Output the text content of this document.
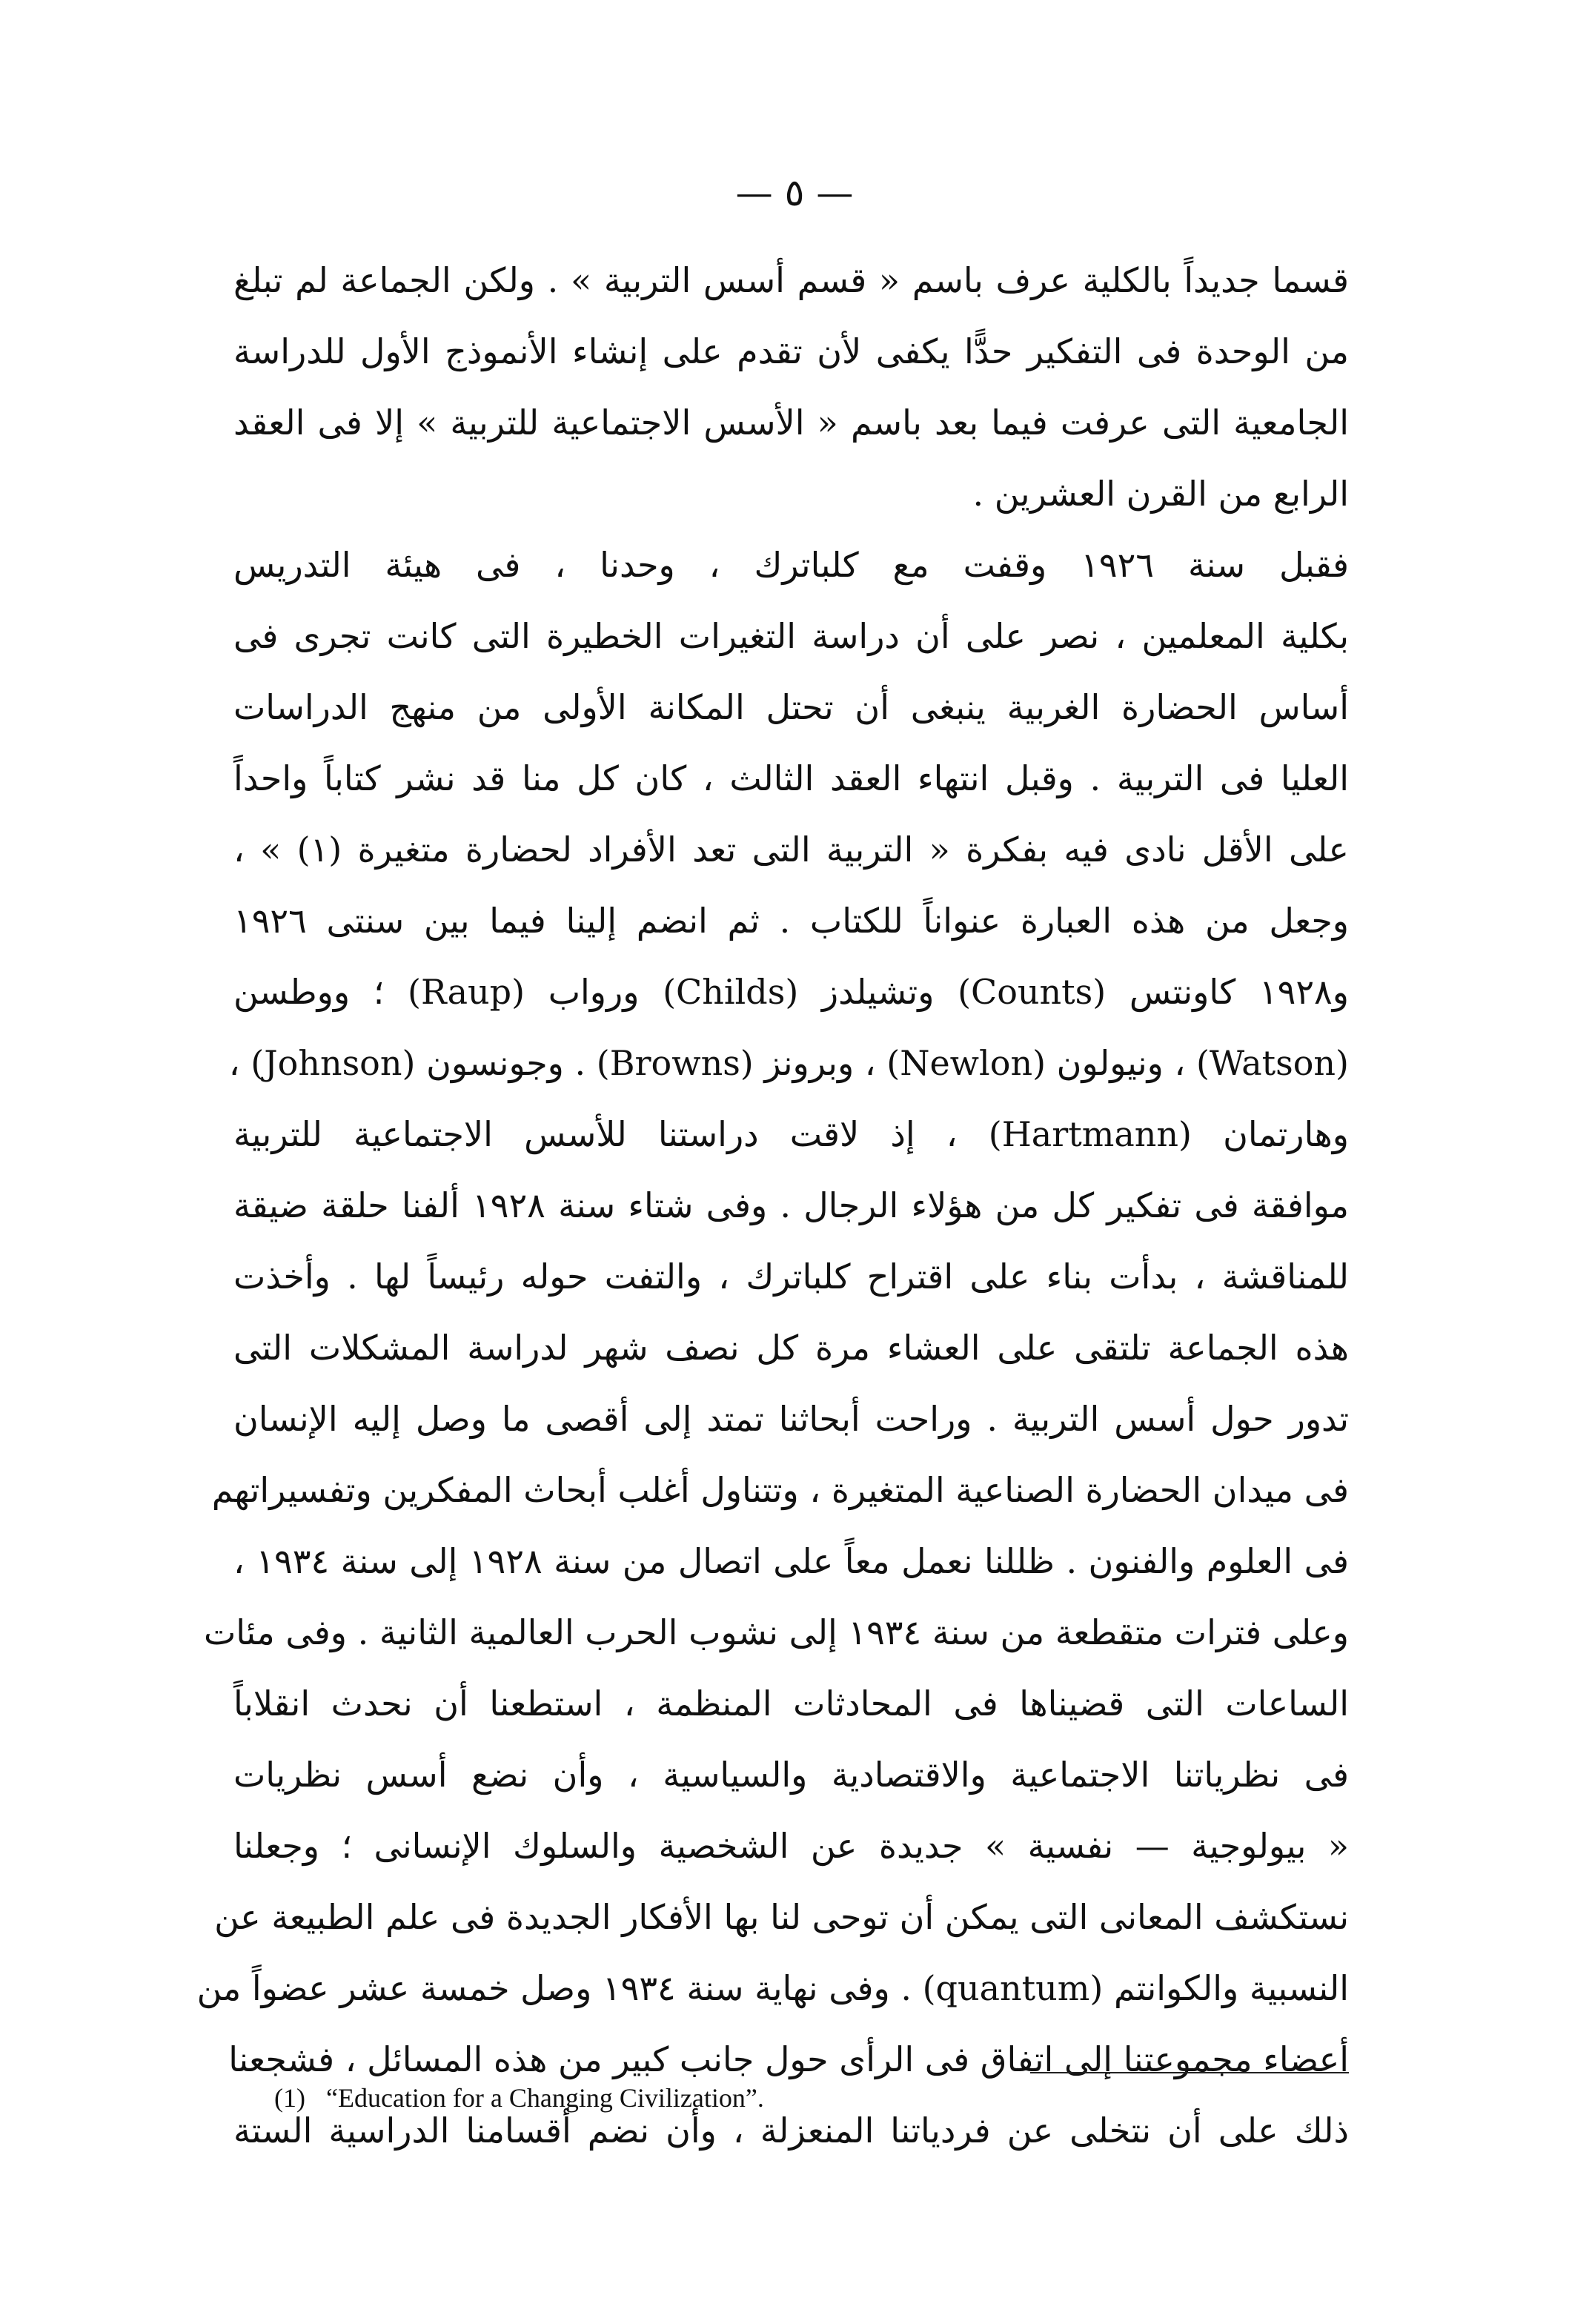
— ٥ —
قسما جديداً بالكلية عرف باسم « قسم أسس التربية » . ولكن الجماعة لم تبلغ
من الوحدة فى التفكير حدًّا يكفى لأن تقدم على إنشاء الأنموذج الأول للدراسة
الجامعية التى عرفت فيما بعد باسم « الأسس الاجتماعية للتربية » إلا فى العقد
الرابع من القرن العشرين .
فقبل سنة ١٩٢٦ وقفت مع كلباترك ، وحدنا ، فى هيئة التدريس
بكلية المعلمين ، نصر على أن دراسة التغيرات الخطيرة التى كانت تجرى فى
أساس الحضارة الغربية ينبغى أن تحتل المكانة الأولى من منهج الدراسات
العليا فى التربية . وقبل انتهاء العقد الثالث ، كان كل منا قد نشر كتاباً واحداً
على الأقل نادى فيه بفكرة « التربية التى تعد الأفراد لحضارة متغيرة (١) » ،
وجعل من هذه العبارة عنواناً للكتاب . ثم انضم إلينا فيما بين سنتى ١٩٢٦
و١٩٢٨ كاونتس (Counts) وتشيلدز (Childs) ورواب (Raup) ؛ ووطسن
(Watson) ، ونيولون (Newlon) ، وبرونز (Browns) . وجونسون (Johnson) ،
وهارتمان (Hartmann) ، إذ لاقت دراستنا للأسس الاجتماعية للتربية
موافقة فى تفكير كل من هؤلاء الرجال . وفى شتاء سنة ١٩٢٨ ألفنا حلقة ضيقة
للمناقشة ، بدأت بناء على اقتراح كلباترك ، والتفت حوله رئيساً لها . وأخذت
هذه الجماعة تلتقى على العشاء مرة كل نصف شهر لدراسة المشكلات التى
تدور حول أسس التربية . وراحت أبحاثنا تمتد إلى أقصى ما وصل إليه الإنسان
فى ميدان الحضارة الصناعية المتغيرة ، وتتناول أغلب أبحاث المفكرين وتفسيراتهم
فى العلوم والفنون . ظللنا نعمل معاً على اتصال من سنة ١٩٢٨ إلى سنة ١٩٣٤ ،
وعلى فترات متقطعة من سنة ١٩٣٤ إلى نشوب الحرب العالمية الثانية . وفى مئات
الساعات التى قضيناها فى المحادثات المنظمة ، استطعنا أن نحدث انقلاباً
فى نظرياتنا الاجتماعية والاقتصادية والسياسية ، وأن نضع أسس نظريات
« بيولوجية — نفسية » جديدة عن الشخصية والسلوك الإنسانى ؛ وجعلنا
نستكشف المعانى التى يمكن أن توحى لنا بها الأفكار الجديدة فى علم الطبيعة عن
النسبية والكوانتم (quantum) . وفى نهاية سنة ١٩٣٤ وصل خمسة عشر عضواً من
أعضاء مجموعتنا إلى اتفاق فى الرأى حول جانب كبير من هذه المسائل ، فشجعنا
ذلك على أن نتخلى عن فردياتنا المنعزلة ، وأن نضم أقسامنا الدراسية الستة
(1) “Education for a Changing Civilization”.
